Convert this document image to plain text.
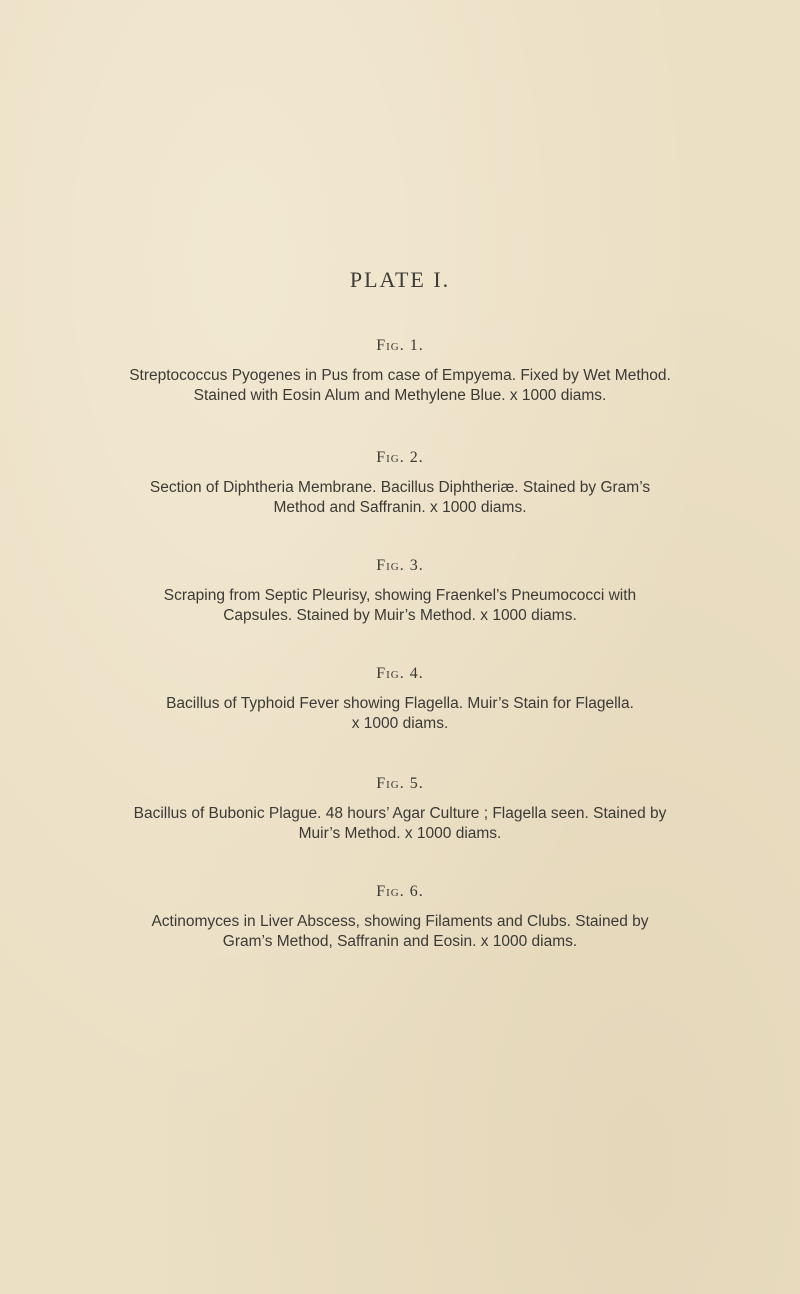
PLATE I.
Fig. 1.
Streptococcus Pyogenes in Pus from case of Empyema. Fixed by Wet Method.
Stained with Eosin Alum and Methylene Blue. x 1000 diams.
Fig. 2.
Section of Diphtheria Membrane. Bacillus Diphtheriæ. Stained by Gram’s
Method and Saffranin. x 1000 diams.
Fig. 3.
Scraping from Septic Pleurisy, showing Fraenkel’s Pneumococci with
Capsules. Stained by Muir’s Method. x 1000 diams.
Fig. 4.
Bacillus of Typhoid Fever showing Flagella. Muir’s Stain for Flagella.
x 1000 diams.
Fig. 5.
Bacillus of Bubonic Plague. 48 hours’ Agar Culture ; Flagella seen. Stained by
Muir’s Method. x 1000 diams.
Fig. 6.
Actinomyces in Liver Abscess, showing Filaments and Clubs. Stained by
Gram’s Method, Saffranin and Eosin. x 1000 diams.
